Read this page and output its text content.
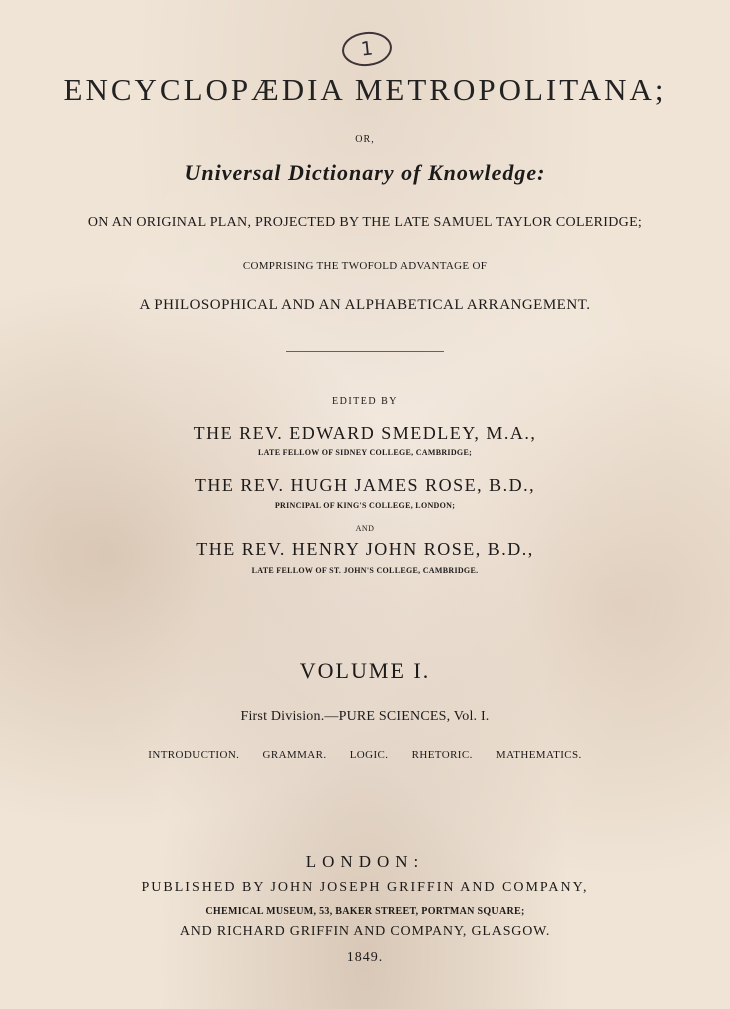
1
ENCYCLOPÆDIA METROPOLITANA;
OR,
Universal Dictionary of Knowledge:
ON AN ORIGINAL PLAN, PROJECTED BY THE LATE SAMUEL TAYLOR COLERIDGE;
COMPRISING THE TWOFOLD ADVANTAGE OF
A PHILOSOPHICAL AND AN ALPHABETICAL ARRANGEMENT.
EDITED BY
THE REV. EDWARD SMEDLEY, M.A.,
LATE FELLOW OF SIDNEY COLLEGE, CAMBRIDGE;
THE REV. HUGH JAMES ROSE, B.D.,
PRINCIPAL OF KING'S COLLEGE, LONDON;
AND
THE REV. HENRY JOHN ROSE, B.D.,
LATE FELLOW OF ST. JOHN'S COLLEGE, CAMBRIDGE.
VOLUME I.
First Division.—PURE SCIENCES, Vol. I.
INTRODUCTION. GRAMMAR. LOGIC. RHETORIC. MATHEMATICS.
LONDON:
PUBLISHED BY JOHN JOSEPH GRIFFIN AND COMPANY,
CHEMICAL MUSEUM, 53, BAKER STREET, PORTMAN SQUARE;
AND RICHARD GRIFFIN AND COMPANY, GLASGOW.
1849.
